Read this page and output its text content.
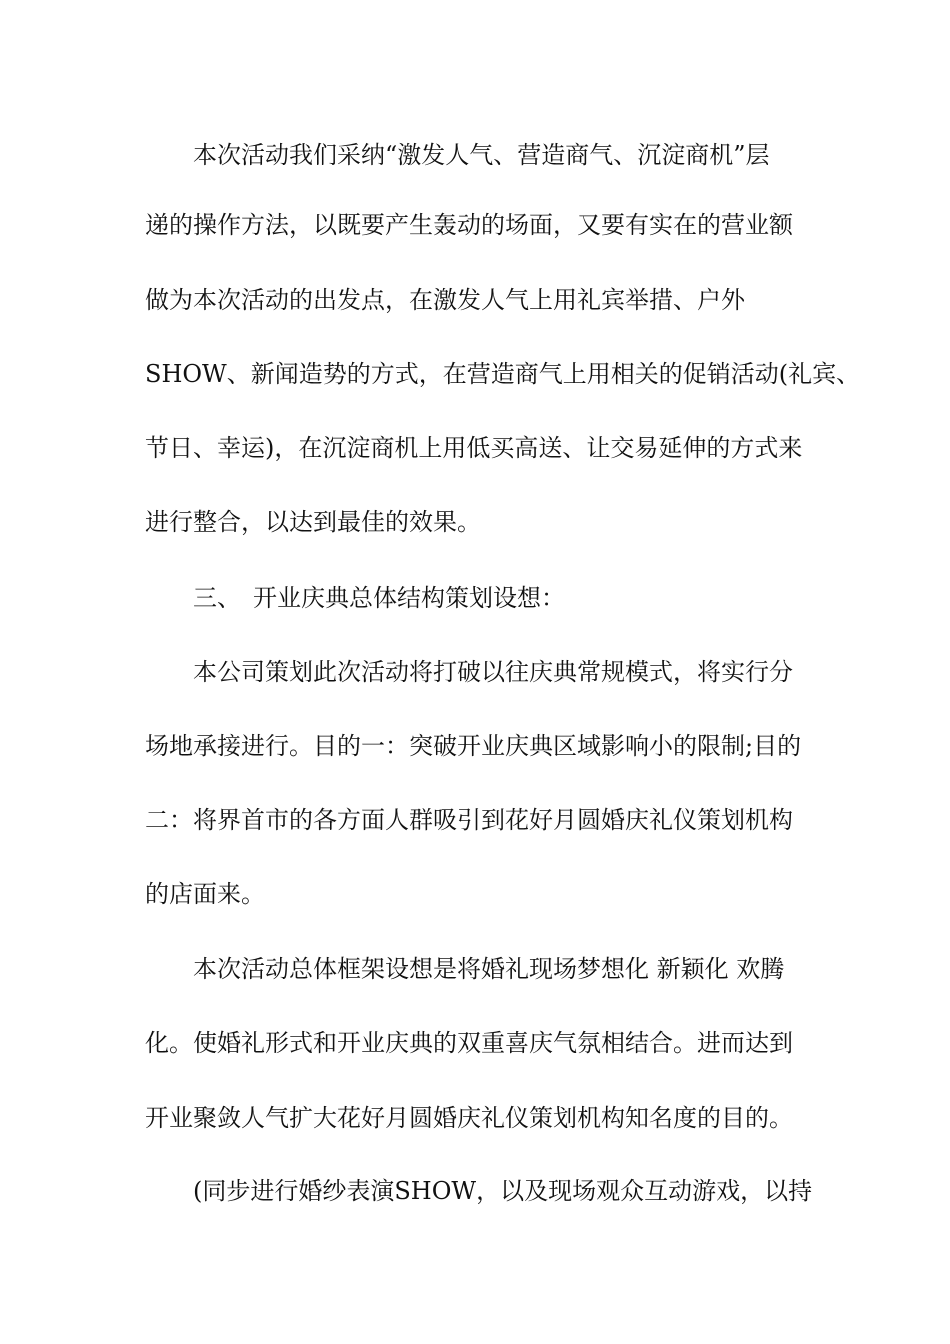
本次活动我们采纳“激发人气、营造商气、沉淀商机”层
递的操作方法，以既要产生轰动的场面，又要有实在的营业额
做为本次活动的出发点，在激发人气上用礼宾举措、户外
SHOW、新闻造势的方式，在营造商气上用相关的促销活动(礼宾、
节日、幸运)，在沉淀商机上用低买高送、让交易延伸的方式来
进行整合，以达到最佳的效果。
三、 开业庆典总体结构策划设想：
本公司策划此次活动将打破以往庆典常规模式，将实行分
场地承接进行。目的一：突破开业庆典区域影响小的限制;目的
二：将界首市的各方面人群吸引到花好月圆婚庆礼仪策划机构
的店面来。
本次活动总体框架设想是将婚礼现场梦想化 新颖化 欢腾
化。使婚礼形式和开业庆典的双重喜庆气氛相结合。进而达到
开业聚敛人气扩大花好月圆婚庆礼仪策划机构知名度的目的。
(同步进行婚纱表演SHOW，以及现场观众互动游戏，以持
